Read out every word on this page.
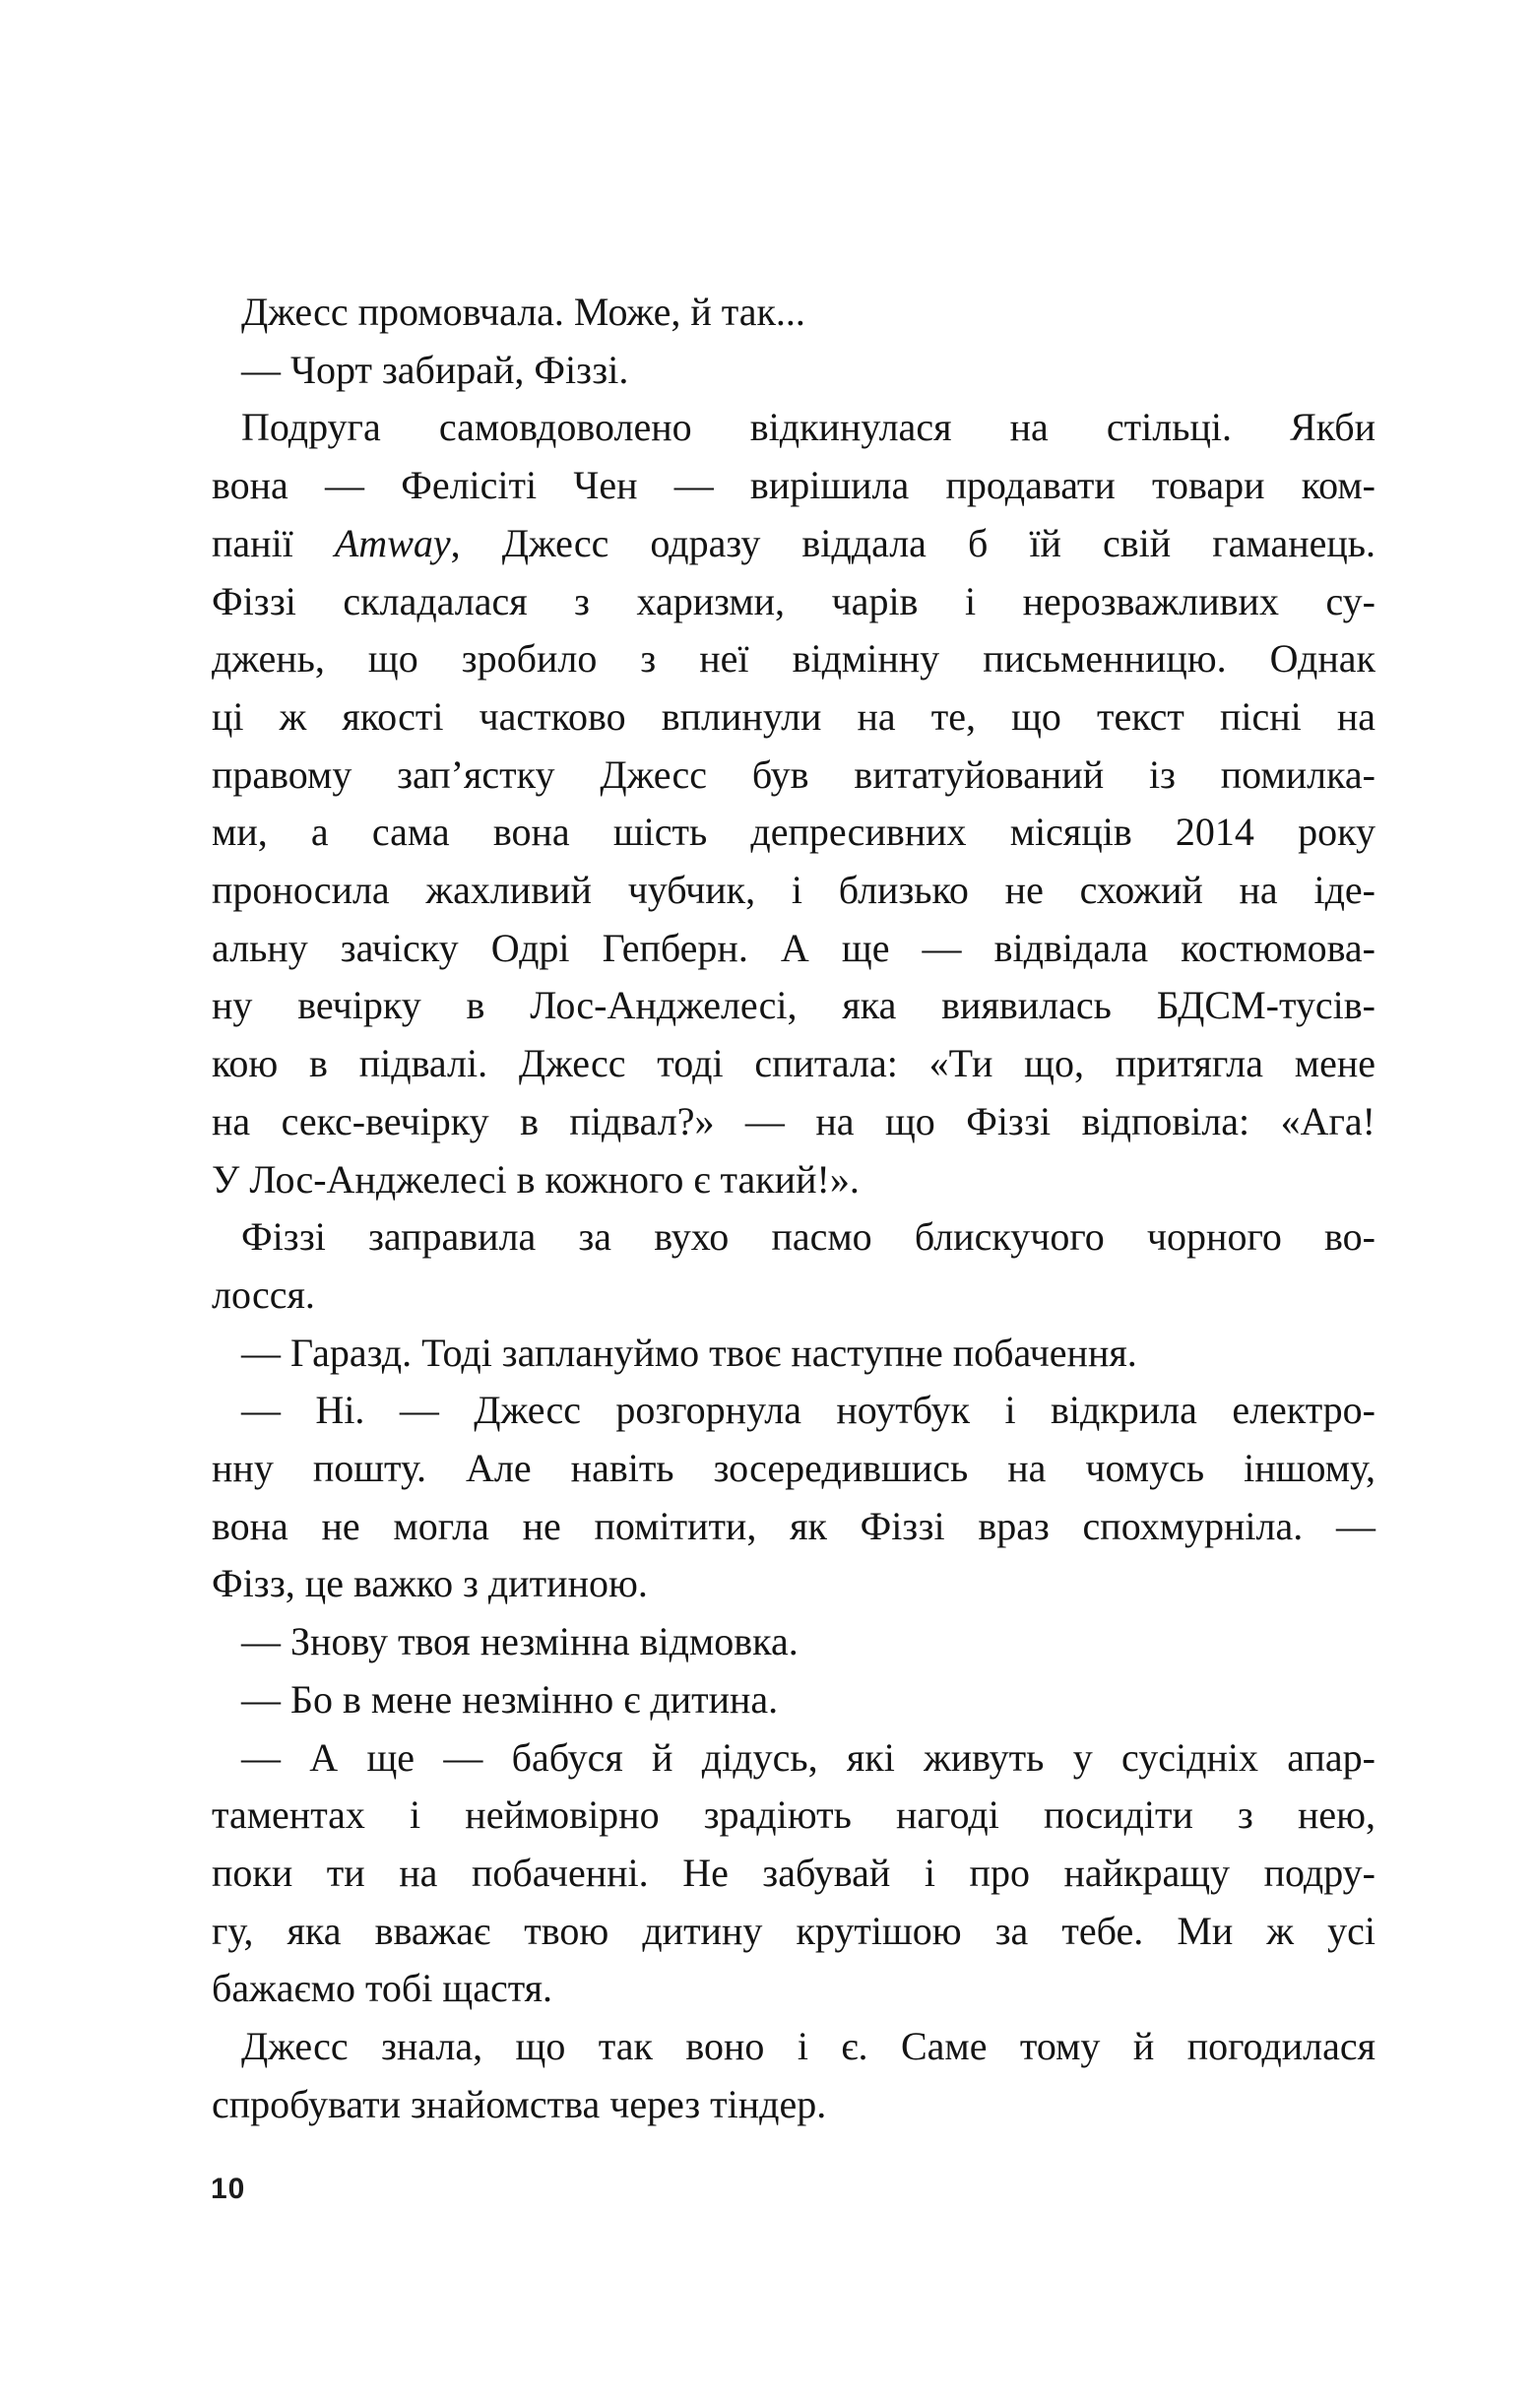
Джесс промовчала. Може, й так...
— Чорт забирай, Фіззі.
Подруга самовдоволено відкинулася на стільці. Якби
вона — Фелісіті Чен — вирішила продавати товари ком-
панії Amway, Джесс одразу віддала б їй свій гаманець.
Фіззі складалася з харизми, чарів і нерозважливих су-
джень, що зробило з неї відмінну письменницю. Однак
ці ж якості частково вплинули на те, що текст пісні на
правому зап’ястку Джесс був витатуйований із помилка-
ми, а сама вона шість депресивних місяців 2014 року
проносила жахливий чубчик, і близько не схожий на іде-
альну зачіску Одрі Гепберн. А ще — відвідала костюмова-
ну вечірку в Лос-Анджелесі, яка виявилась БДСМ-тусів-
кою в підвалі. Джесс тоді спитала: «Ти що, притягла мене
на секс-вечірку в підвал?» — на що Фіззі відповіла: «Ага!
У Лос-Анджелесі в кожного є такий!».
Фіззі заправила за вухо пасмо блискучого чорного во-
лосся.
— Гаразд. Тоді заплануймо твоє наступне побачення.
— Ні. — Джесс розгорнула ноутбук і відкрила електро-
нну пошту. Але навіть зосередившись на чомусь іншому,
вона не могла не помітити, як Фіззі враз спохмурніла. —
Фізз, це важко з дитиною.
— Знову твоя незмінна відмовка.
— Бо в мене незмінно є дитина.
— А ще — бабуся й дідусь, які живуть у сусідніх апар-
таментах і неймовірно зрадіють нагоді посидіти з нею,
поки ти на побаченні. Не забувай і про найкращу подру-
гу, яка вважає твою дитину крутішою за тебе. Ми ж усі
бажаємо тобі щастя.
Джесс знала, що так воно і є. Саме тому й погодилася
спробувати знайомства через тіндер.
10
